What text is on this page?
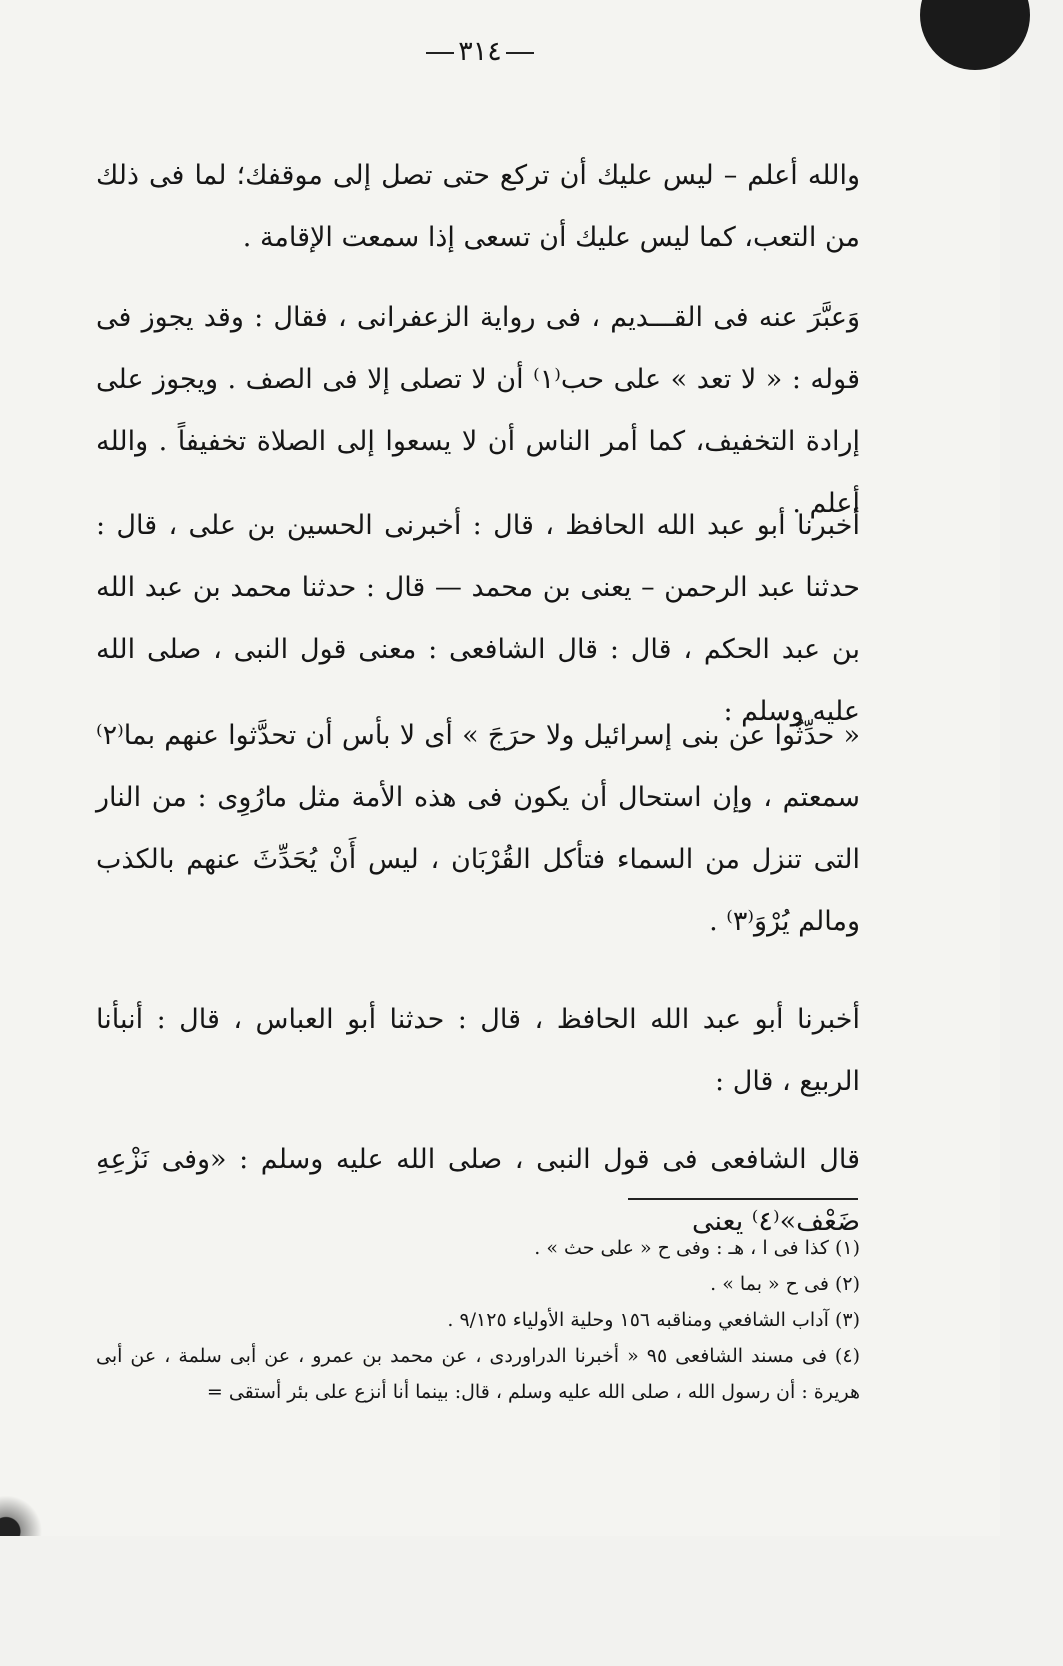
٣١٤

والله أعلم – ليس عليك أن تركع حتى تصل إلى موقفك؛ لما فى ذلك من التعب، كما ليس عليك أن تسعى إذا سمعت الإقامة .

وَعبَّرَ عنه فى القـــديم ، فى رواية الزعفرانى ، فقال : وقد يجوز فى قوله : « لا تعد » على حب⁽١⁾ أن لا تصلى إلا فى الصف . ويجوز على إرادة التخفيف، كما أمر الناس أن لا يسعوا إلى الصلاة تخفيفاً . والله أعلم .

أخبرنا أبو عبد الله الحافظ ، قال : أخبرنى الحسين بن على ، قال : حدثنا عبد الرحمن – يعنى بن محمد — قال : حدثنا محمد بن عبد الله بن عبد الحكم ، قال : قال الشافعى : معنى قول النبى ، صلى الله عليه وسلم :

« حدِّثُوا عن بنى إسرائيل ولا حرَجَ » أى لا بأس أن تحدَّثوا عنهم بما⁽٢⁾ سمعتم ، وإن استحال أن يكون فى هذه الأمة مثل مارُوِى : من النار التى تنزل من السماء فتأكل القُرْبَان ، ليس أَنْ يُحَدِّثَ عنهم بالكذب ومالم يُرْوَ⁽٣⁾ .

أخبرنا أبو عبد الله الحافظ ، قال : حدثنا أبو العباس ، قال : أنبأنا الربيع ، قال :

قال الشافعى فى قول النبى ، صلى الله عليه وسلم : «وفى نَزْعِهِ ضَعْف»⁽٤⁾ يعنى

(١) كذا فى ا ، هـ : وفى ح « على حث » .

(٢) فى ح « بما » .

(٣) آداب الشافعي ومناقبه ١٥٦ وحلية الأولياء ٩/١٢٥ .

(٤) فى مسند الشافعى ٩٥ « أخبرنا الدراوردى ، عن محمد بن عمرو ، عن أبى سلمة ، عن أبى هريرة : أن رسول الله ، صلى الله عليه وسلم ، قال: بينما أنا أنزع على بئر أستقى =
